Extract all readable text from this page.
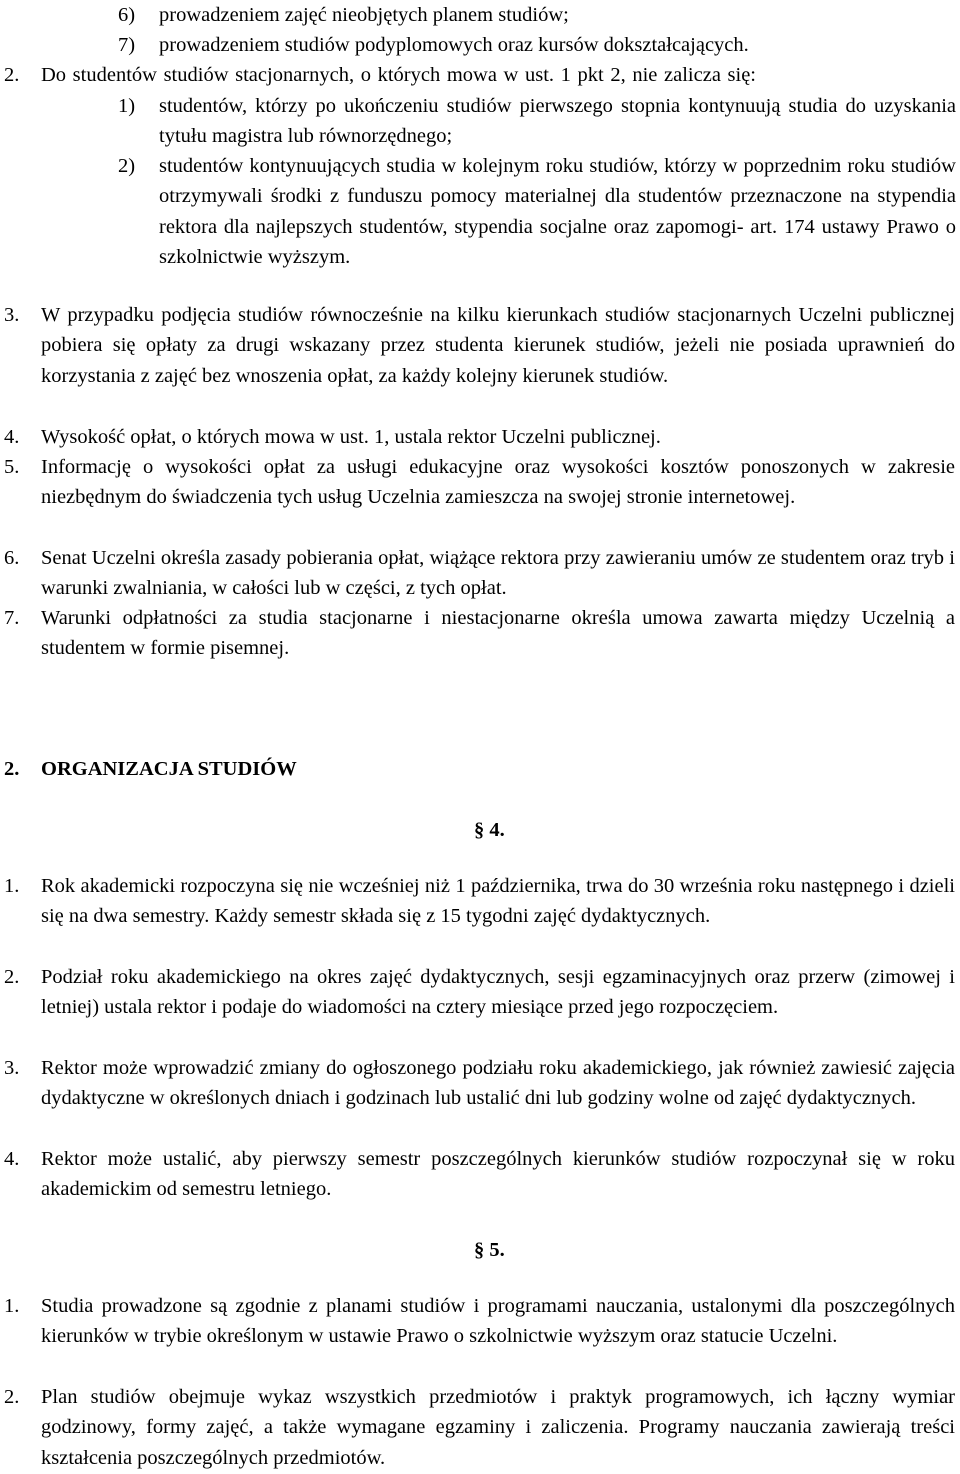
6) prowadzeniem zajęć nieobjętych planem studiów;
7) prowadzeniem studiów podyplomowych oraz kursów dokształcających.
2. Do studentów studiów stacjonarnych, o których mowa w ust. 1 pkt 2, nie zalicza się:
1) studentów, którzy po ukończeniu studiów pierwszego stopnia kontynuują studia do uzyskania tytułu magistra lub równorzędnego;

2) studentów kontynuujących studia w kolejnym roku studiów, którzy w poprzednim roku studiów otrzymywali środki z funduszu pomocy materialnej dla studentów przeznaczone na stypendia rektora dla najlepszych studentów, stypendia socjalne oraz zapomogi- art. 174 ustawy Prawo o szkolnictwie wyższym.

3. W przypadku podjęcia studiów równocześnie na kilku kierunkach studiów stacjonarnych Uczelni publicznej pobiera się opłaty za drugi wskazany przez studenta kierunek studiów, jeżeli nie posiada uprawnień do korzystania z zajęć bez wnoszenia opłat, za każdy kolejny kierunek studiów.

4. Wysokość opłat, o których mowa w ust. 1, ustala rektor Uczelni publicznej.

5. Informację o wysokości opłat za usługi edukacyjne oraz wysokości kosztów ponoszonych w zakresie niezbędnym do świadczenia tych usług Uczelnia zamieszcza na swojej stronie internetowej.

6. Senat Uczelni określa zasady pobierania opłat, wiążące rektora przy zawieraniu umów ze studentem oraz tryb i warunki zwalniania, w całości lub w części, z tych opłat.

7. Warunki odpłatności za studia stacjonarne i niestacjonarne określa umowa zawarta między Uczelnią a studentem w formie pisemnej.

2. ORGANIZACJA STUDIÓW
§ 4.
1. Rok akademicki rozpoczyna się nie wcześniej niż 1 października, trwa do 30 września roku następnego i dzieli się na dwa semestry. Każdy semestr składa się z 15 tygodni zajęć dydaktycznych.

2. Podział roku akademickiego na okres zajęć dydaktycznych, sesji egzaminacyjnych oraz przerw (zimowej i letniej) ustala rektor i podaje do wiadomości na cztery miesiące przed jego rozpoczęciem.

3. Rektor może wprowadzić zmiany do ogłoszonego podziału roku akademickiego, jak również zawiesić zajęcia dydaktyczne w określonych dniach i godzinach lub ustalić dni lub godziny wolne od zajęć dydaktycznych.

4. Rektor może ustalić, aby pierwszy semestr poszczególnych kierunków studiów rozpoczynał się w roku akademickim od semestru letniego.

§ 5.
1. Studia prowadzone są zgodnie z planami studiów i programami nauczania, ustalonymi dla poszczególnych kierunków w trybie określonym w ustawie Prawo o szkolnictwie wyższym oraz statucie Uczelni.

2. Plan studiów obejmuje wykaz wszystkich przedmiotów i praktyk programowych, ich łączny wymiar godzinowy, formy zajęć, a także wymagane egzaminy i zaliczenia. Programy nauczania zawierają treści kształcenia poszczególnych przedmiotów.
